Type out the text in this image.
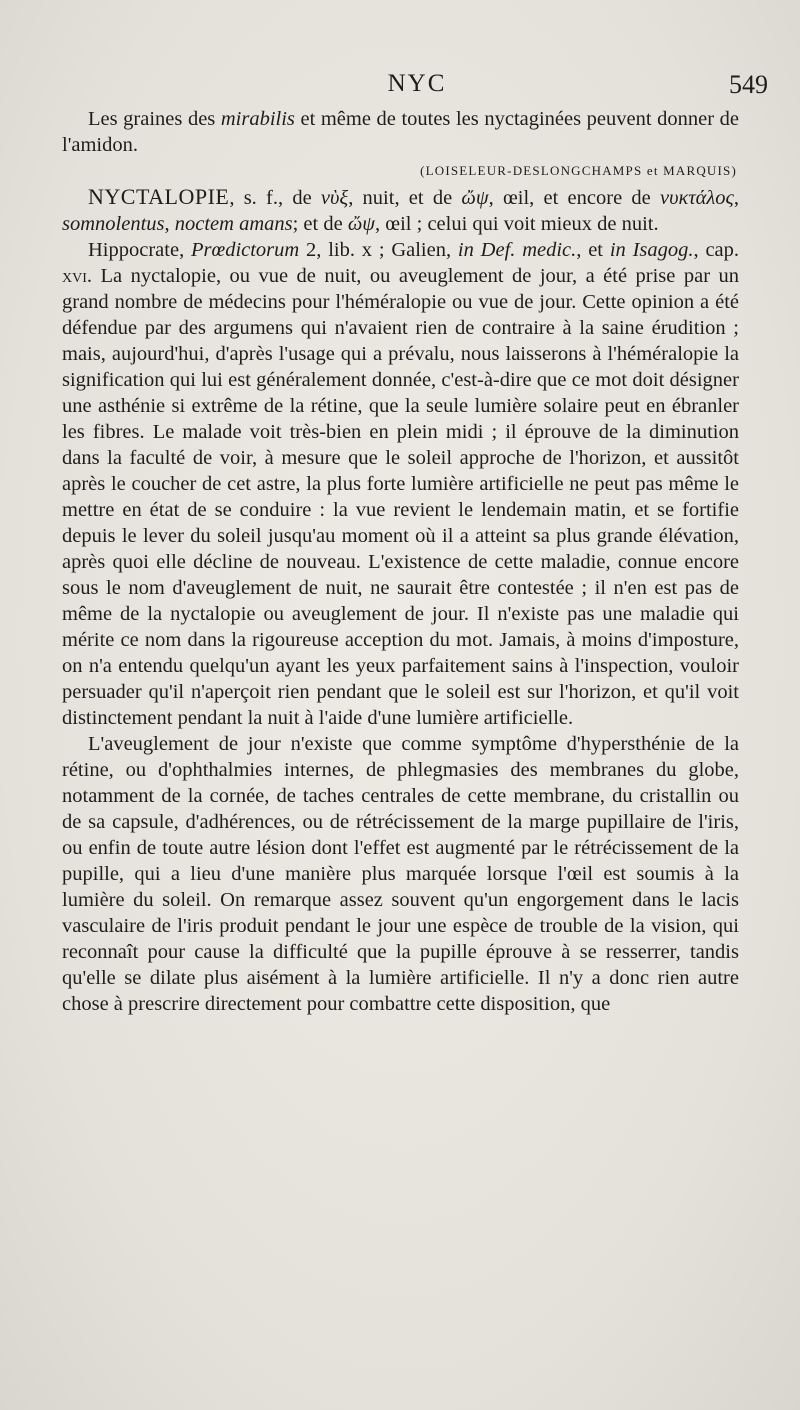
NYC	549

Les graines des mirabilis et même de toutes les nyctaginées peuvent donner de l'amidon.

(LOISELEUR-DESLONGCHAMPS et MARQUIS)

NYCTALOPIE, s. f., de νὺξ, nuit, et de ὤψ, œil, et encore de νυκτάλος, somnolentus, noctem amans; et de ὤψ, œil ; celui qui voit mieux de nuit.

Hippocrate, Prœdictorum 2, lib. x ; Galien, in Def. medic., et in Isagog., cap. xvi. La nyctalopie, ou vue de nuit, ou aveuglement de jour, a été prise par un grand nombre de médecins pour l'héméralopie ou vue de jour. Cette opinion a été défendue par des argumens qui n'avaient rien de contraire à la saine érudition ; mais, aujourd'hui, d'après l'usage qui a prévalu, nous laisserons à l'héméralopie la signification qui lui est généralement donnée, c'est-à-dire que ce mot doit désigner une asthénie si extrême de la rétine, que la seule lumière solaire peut en ébranler les fibres. Le malade voit très-bien en plein midi ; il éprouve de la diminution dans la faculté de voir, à mesure que le soleil approche de l'horizon, et aussitôt après le coucher de cet astre, la plus forte lumière artificielle ne peut pas même le mettre en état de se conduire : la vue revient le lendemain matin, et se fortifie depuis le lever du soleil jusqu'au moment où il a atteint sa plus grande élévation, après quoi elle décline de nouveau. L'existence de cette maladie, connue encore sous le nom d'aveuglement de nuit, ne saurait être contestée ; il n'en est pas de même de la nyctalopie ou aveuglement de jour. Il n'existe pas une maladie qui mérite ce nom dans la rigoureuse acception du mot. Jamais, à moins d'imposture, on n'a entendu quelqu'un ayant les yeux parfaitement sains à l'inspection, vouloir persuader qu'il n'aperçoit rien pendant que le soleil est sur l'horizon, et qu'il voit distinctement pendant la nuit à l'aide d'une lumière artificielle.

L'aveuglement de jour n'existe que comme symptôme d'hypersthénie de la rétine, ou d'ophthalmies internes, de phlegmasies des membranes du globe, notamment de la cornée, de taches centrales de cette membrane, du cristallin ou de sa capsule, d'adhérences, ou de rétrécissement de la marge pupillaire de l'iris, ou enfin de toute autre lésion dont l'effet est augmenté par le rétrécissement de la pupille, qui a lieu d'une manière plus marquée lorsque l'œil est soumis à la lumière du soleil. On remarque assez souvent qu'un engorgement dans le lacis vasculaire de l'iris produit pendant le jour une espèce de trouble de la vision, qui reconnaît pour cause la difficulté que la pupille éprouve à se resserrer, tandis qu'elle se dilate plus aisément à la lumière artificielle. Il n'y a donc rien autre chose à prescrire directement pour combattre cette disposition, que
